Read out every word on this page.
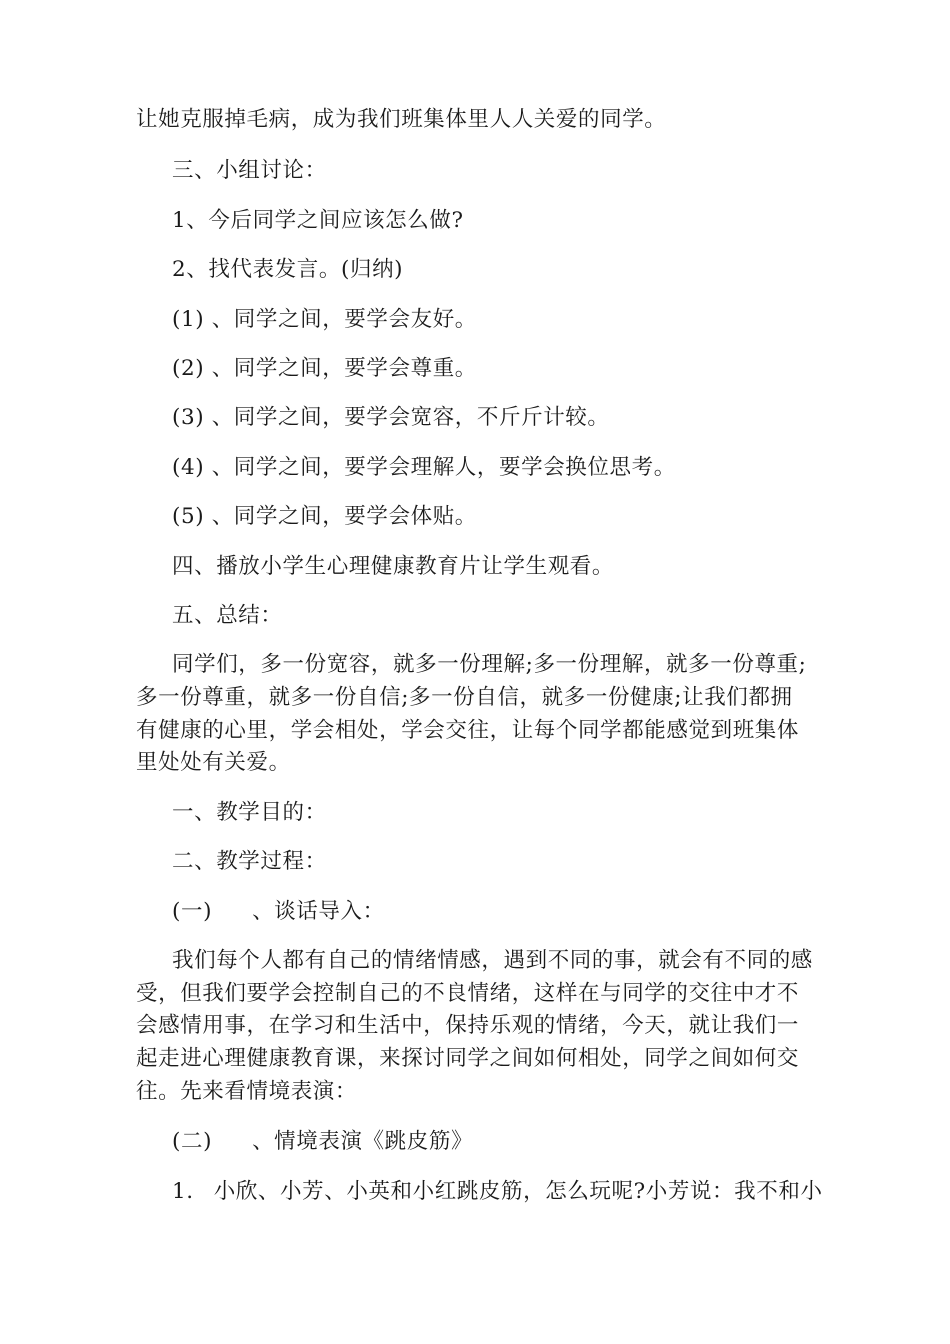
让她克服掉毛病，成为我们班集体里人人关爱的同学。
三、小组讨论：
1、今后同学之间应该怎么做?
2、找代表发言。(归纳)
(1) 、同学之间，要学会友好。
(2) 、同学之间，要学会尊重。
(3) 、同学之间，要学会宽容，不斤斤计较。
(4) 、同学之间，要学会理解人，要学会换位思考。
(5) 、同学之间，要学会体贴。
四、播放小学生心理健康教育片让学生观看。
五、总结：
同学们，多一份宽容，就多一份理解;多一份理解，就多一份尊重;
多一份尊重，就多一份自信;多一份自信，就多一份健康;让我们都拥
有健康的心里，学会相处，学会交往，让每个同学都能感觉到班集体
里处处有关爱。
一、教学目的：
二、教学过程：
(一) 、谈话导入：
我们每个人都有自己的情绪情感，遇到不同的事，就会有不同的感
受，但我们要学会控制自己的不良情绪，这样在与同学的交往中才不
会感情用事，在学习和生活中，保持乐观的情绪，今天，就让我们一
起走进心理健康教育课，来探讨同学之间如何相处，同学之间如何交
往。先来看情境表演：
(二) 、情境表演《跳皮筋》
1. 小欣、小芳、小英和小红跳皮筋，怎么玩呢?小芳说：我不和小
